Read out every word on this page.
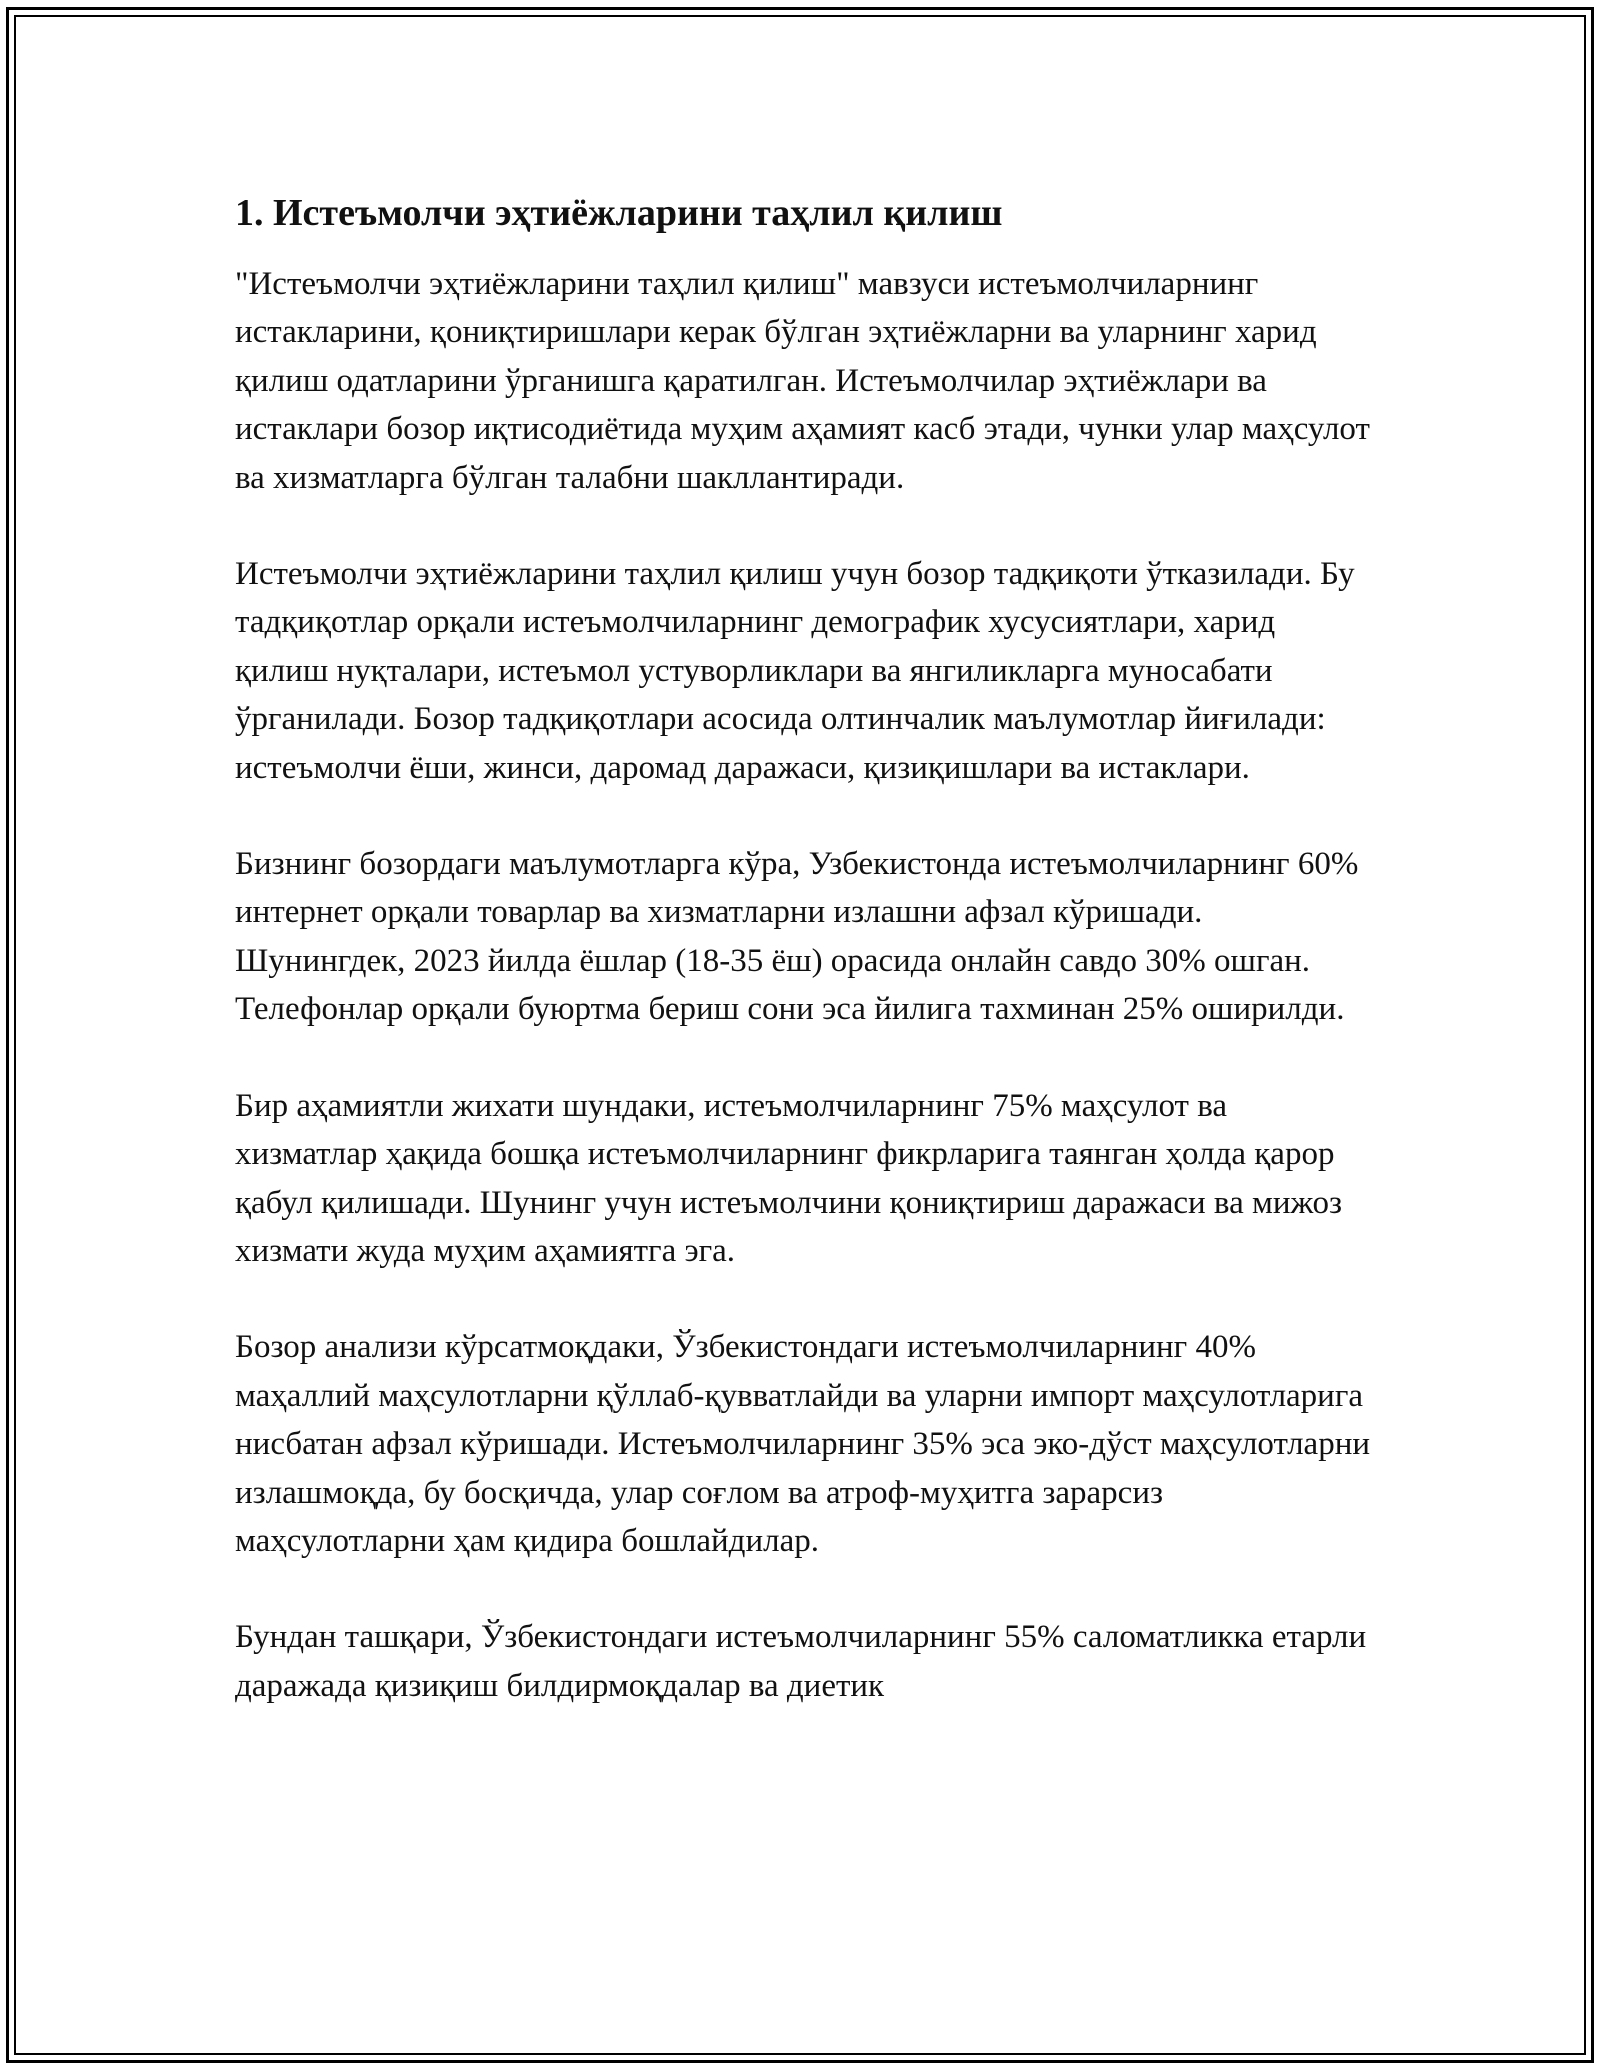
1. Истеъмолчи эҳтиёжларини таҳлил қилиш

"Истеъмолчи эҳтиёжларини таҳлил қилиш" мавзуси истеъмолчиларнинг истакларини, қониқтиришлари керак бўлган эҳтиёжларни ва уларнинг харид қилиш одатларини ўрганишга қаратилган. Истеъмолчилар эҳтиёжлари ва истаклари бозор иқтисодиётида муҳим аҳамият касб этади, чунки улар маҳсулот ва хизматларга бўлган талабни шакллантиради.

Истеъмолчи эҳтиёжларини таҳлил қилиш учун бозор тадқиқоти ўтказилади. Бу тадқиқотлар орқали истеъмолчиларнинг демографик хусусиятлари, харид қилиш нуқталари, истеъмол устуворликлари ва янгиликларга муносабати ўрганилади. Бозор тадқиқотлари асосида олтинчалик маълумотлар йиғилади: истеъмолчи ёши, жинси, даромад даражаси, қизиқишлари ва истаклари.

Бизнинг бозордаги маълумотларга кўра, Узбекистонда истеъмолчиларнинг 60% интернет орқали товарлар ва хизматларни излашни афзал кўришади. Шунингдек, 2023 йилда ёшлар (18-35 ёш) орасида онлайн савдо 30% ошган. Телефонлар орқали буюртма бериш сони эса йилига тахминан 25% оширилди.

Бир аҳамиятли жихати шундаки, истеъмолчиларнинг 75% маҳсулот ва хизматлар ҳақида бошқа истеъмолчиларнинг фикрларига таянган ҳолда қарор қабул қилишади. Шунинг учун истеъмолчини қониқтириш даражаси ва мижоз хизмати жуда муҳим аҳамиятга эга.

Бозор анализи кўрсатмоқдаки, Ўзбекистондаги истеъмолчиларнинг 40% маҳаллий маҳсулотларни қўллаб-қувватлайди ва уларни импорт маҳсулотларига нисбатан афзал кўришади. Истеъмолчиларнинг 35% эса эко-дўст маҳсулотларни излашмоқда, бу босқичда, улар соғлом ва атроф-муҳитга зарарсиз маҳсулотларни ҳам қидира бошлайдилар.

Бундан ташқари, Ўзбекистондаги истеъмолчиларнинг 55% саломатликка етарли даражада қизиқиш билдирмоқдалар ва диетик
